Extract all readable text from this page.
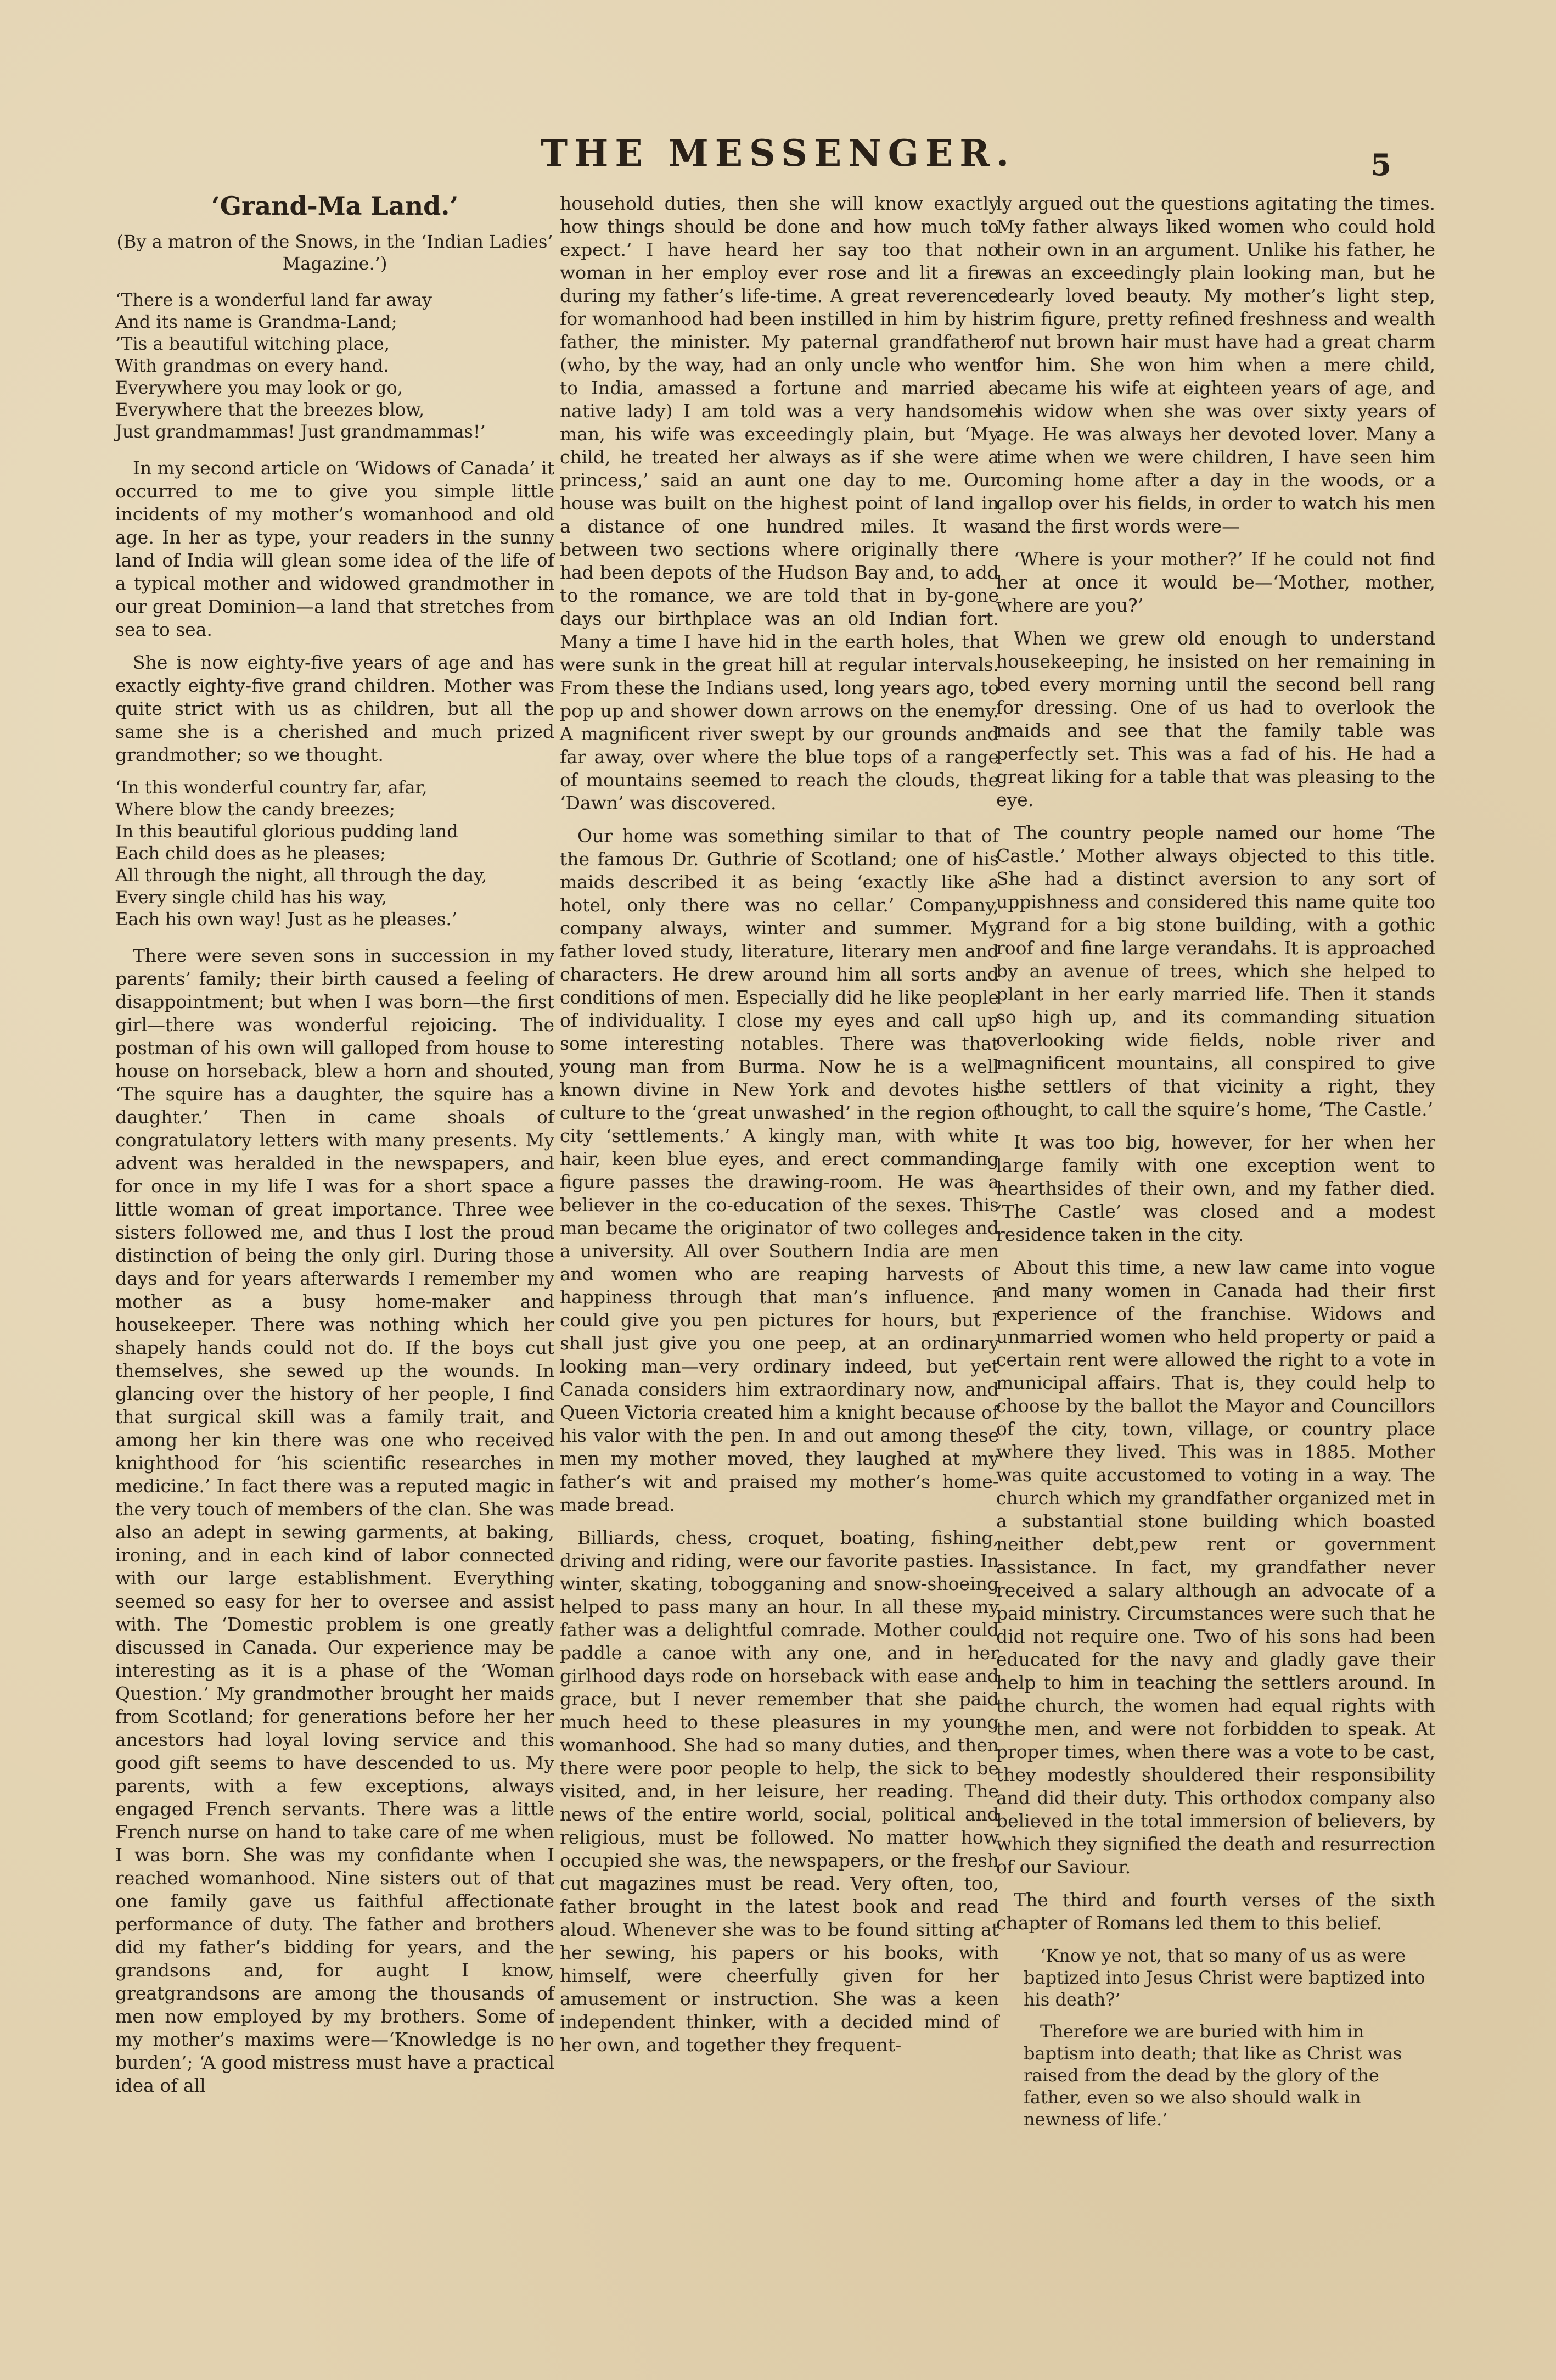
THE MESSENGER.	5
‘Grand-Ma Land.’
(By a matron of the Snows, in the ‘Indian Ladies’ Magazine.’)
‘There is a wonderful land far away
And its name is Grandma-Land;
’Tis a beautiful witching place,
With grandmas on every hand.
Everywhere you may look or go,
Everywhere that the breezes blow,
Just grandmammas! Just grandmammas!’

In my second article on ‘Widows of Canada’ it occurred to me to give you simple little incidents of my mother’s womanhood and old age. In her as type, your readers in the sunny land of India will glean some idea of the life of a typical mother and widowed grandmother in our great Dominion—a land that stretches from sea to sea.

She is now eighty-five years of age and has exactly eighty-five grand children. Mother was quite strict with us as children, but all the same she is a cherished and much prized grandmother; so we thought.

‘In this wonderful country far, afar,
Where blow the candy breezes;
In this beautiful glorious pudding land
Each child does as he pleases;
All through the night, all through the day,
Every single child has his way,
Each his own way! Just as he pleases.’

There were seven sons in succession in my parents’ family; their birth caused a feeling of disappointment; but when I was born—the first girl—there was wonderful rejoicing. The postman of his own will galloped from house to house on horseback, blew a horn and shouted, ‘The squire has a daughter, the squire has a daughter.’ Then in came shoals of congratulatory letters with many presents. My advent was heralded in the newspapers, and for once in my life I was for a short space a little woman of great importance. Three wee sisters followed me, and thus I lost the proud distinction of being the only girl. During those days and for years afterwards I remember my mother as a busy home-maker and housekeeper. There was nothing which her shapely hands could not do. If the boys cut themselves, she sewed up the wounds. In glancing over the history of her people, I find that surgical skill was a family trait, and among her kin there was one who received knighthood for ‘his scientific researches in medicine.’ In fact there was a reputed magic in the very touch of members of the clan. She was also an adept in sewing garments, at baking, ironing, and in each kind of labor connected with our large establishment. Everything seemed so easy for her to oversee and assist with. The ‘Domestic problem is one greatly discussed in Canada. Our experience may be interesting as it is a phase of the ‘Woman Question.’ My grandmother brought her maids from Scotland; for generations before her her ancestors had loyal loving service and this good gift seems to have descended to us. My parents, with a few exceptions, always engaged French servants. There was a little French nurse on hand to take care of me when I was born. She was my confidante when I reached womanhood. Nine sisters out of that one family gave us faithful affectionate performance of duty. The father and brothers did my father’s bidding for years, and the grandsons and, for aught I know, greatgrandsons are among the thousands of men now employed by my brothers. Some of my mother’s maxims were—‘Knowledge is no burden’; ‘A good mistress must have a practical idea of all

household duties, then she will know exactly how things should be done and how much to expect.’ I have heard her say too that no woman in her employ ever rose and lit a fire during my father’s life-time. A great reverence for womanhood had been instilled in him by his father, the minister. My paternal grandfather (who, by the way, had an only uncle who went to India, amassed a fortune and married a native lady) I am told was a very handsome man, his wife was exceedingly plain, but ‘My child, he treated her always as if she were a princess,’ said an aunt one day to me. Our house was built on the highest point of land in a distance of one hundred miles. It was between two sections where originally there had been depots of the Hudson Bay and, to add to the romance, we are told that in by-gone days our birthplace was an old Indian fort. Many a time I have hid in the earth holes, that were sunk in the great hill at regular intervals. From these the Indians used, long years ago, to pop up and shower down arrows on the enemy. A magnificent river swept by our grounds and far away, over where the blue tops of a range of mountains seemed to reach the clouds, the ‘Dawn’ was discovered.

Our home was something similar to that of the famous Dr. Guthrie of Scotland; one of his maids described it as being ‘exactly like a hotel, only there was no cellar.’ Company, company always, winter and summer. My father loved study, literature, literary men and characters. He drew around him all sorts and conditions of men. Especially did he like people of individuality. I close my eyes and call up some interesting notables. There was that young man from Burma. Now he is a well known divine in New York and devotes his culture to the ‘great unwashed’ in the region of city ‘settlements.’ A kingly man, with white hair, keen blue eyes, and erect commanding figure passes the drawing-room. He was a believer in the co-education of the sexes. This man became the originator of two colleges and a university. All over Southern India are men and women who are reaping harvests of happiness through that man’s influence. I could give you pen pictures for hours, but I shall just give you one peep, at an ordinary looking man—very ordinary indeed, but yet Canada considers him extraordinary now, and Queen Victoria created him a knight because of his valor with the pen. In and out among these men my mother moved, they laughed at my father’s wit and praised my mother’s home-made bread.

Billiards, chess, croquet, boating, fishing, driving and riding, were our favorite pasties. In winter, skating, tobogganing and snow-shoeing helped to pass many an hour. In all these my father was a delightful comrade. Mother could paddle a canoe with any one, and in her girlhood days rode on horseback with ease and grace, but I never remember that she paid much heed to these pleasures in my young womanhood. She had so many duties, and then there were poor people to help, the sick to be visited, and, in her leisure, her reading. The news of the entire world, social, political and religious, must be followed. No matter how occupied she was, the newspapers, or the fresh cut magazines must be read. Very often, too, father brought in the latest book and read aloud. Whenever she was to be found sitting at her sewing, his papers or his books, with himself, were cheerfully given for her amusement or instruction. She was a keen independent thinker, with a decided mind of her own, and together they frequent-

ly argued out the questions agitating the times. My father always liked women who could hold their own in an argument. Unlike his father, he was an exceedingly plain looking man, but he dearly loved beauty. My mother’s light step, trim figure, pretty refined freshness and wealth of nut brown hair must have had a great charm for him. She won him when a mere child, became his wife at eighteen years of age, and his widow when she was over sixty years of age. He was always her devoted lover. Many a time when we were children, I have seen him coming home after a day in the woods, or a gallop over his fields, in order to watch his men and the first words were—

‘Where is your mother?’ If he could not find her at once it would be—‘Mother, mother, where are you?’

When we grew old enough to understand housekeeping, he insisted on her remaining in bed every morning until the second bell rang for dressing. One of us had to overlook the maids and see that the family table was perfectly set. This was a fad of his. He had a great liking for a table that was pleasing to the eye.

The country people named our home ‘The Castle.’ Mother always objected to this title. She had a distinct aversion to any sort of uppishness and considered this name quite too grand for a big stone building, with a gothic roof and fine large verandahs. It is approached by an avenue of trees, which she helped to plant in her early married life. Then it stands so high up, and its commanding situation overlooking wide fields, noble river and magnificent mountains, all conspired to give the settlers of that vicinity a right, they thought, to call the squire’s home, ‘The Castle.’

It was too big, however, for her when her large family with one exception went to hearthsides of their own, and my father died. ‘The Castle’ was closed and a modest residence taken in the city.

About this time, a new law came into vogue and many women in Canada had their first experience of the franchise. Widows and unmarried women who held property or paid a certain rent were allowed the right to a vote in municipal affairs. That is, they could help to choose by the ballot the Mayor and Councillors of the city, town, village, or country place where they lived. This was in 1885. Mother was quite accustomed to voting in a way. The church which my grandfather organized met in a substantial stone building which boasted neither debt,pew rent or government assistance. In fact, my grandfather never received a salary although an advocate of a paid ministry. Circumstances were such that he did not require one. Two of his sons had been educated for the navy and gladly gave their help to him in teaching the settlers around. In the church, the women had equal rights with the men, and were not forbidden to speak. At proper times, when there was a vote to be cast, they modestly shouldered their responsibility and did their duty. This orthodox company also believed in the total immersion of believers, by which they signified the death and resurrection of our Saviour.

The third and fourth verses of the sixth chapter of Romans led them to this belief.

‘Know ye not, that so many of us as were baptized into Jesus Christ were baptized into his death?’

Therefore we are buried with him in baptism into death; that like as Christ was raised from the dead by the glory of the father, even so we also should walk in newness of life.’
